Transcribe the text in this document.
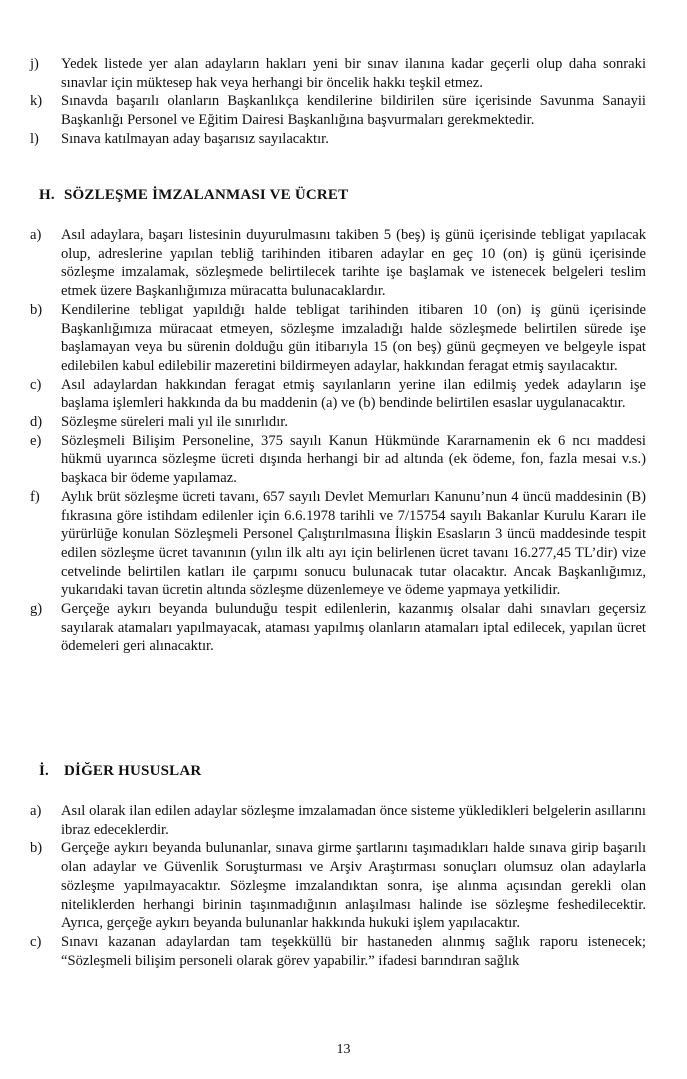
j) Yedek listede yer alan adayların hakları yeni bir sınav ilanına kadar geçerli olup daha sonraki sınavlar için müktesep hak veya herhangi bir öncelik hakkı teşkil etmez.
k) Sınavda başarılı olanların Başkanlıkça kendilerine bildirilen süre içerisinde Savunma Sanayii Başkanlığı Personel ve Eğitim Dairesi Başkanlığına başvurmaları gerekmektedir.
l) Sınava katılmayan aday başarısız sayılacaktır.
H. SÖZLEŞME İMZALANMASI VE ÜCRET
a) Asıl adaylara, başarı listesinin duyurulmasını takiben 5 (beş) iş günü içerisinde tebligat yapılacak olup, adreslerine yapılan tebliğ tarihinden itibaren adaylar en geç 10 (on) iş günü içerisinde sözleşme imzalamak, sözleşmede belirtilecek tarihte işe başlamak ve istenecek belgeleri teslim etmek üzere Başkanlığımıza müracatta bulunacaklardır.
b) Kendilerine tebligat yapıldığı halde tebligat tarihinden itibaren 10 (on) iş günü içerisinde Başkanlığımıza müracaat etmeyen, sözleşme imzaladığı halde sözleşmede belirtilen sürede işe başlamayan veya bu sürenin dolduğu gün itibarıyla 15 (on beş) günü geçmeyen ve belgeyle ispat edilebilen kabul edilebilir mazeretini bildirmeyen adaylar, hakkından feragat etmiş sayılacaktır.
c) Asıl adaylardan hakkından feragat etmiş sayılanların yerine ilan edilmiş yedek adayların işe başlama işlemleri hakkında da bu maddenin (a) ve (b) bendinde belirtilen esaslar uygulanacaktır.
d) Sözleşme süreleri mali yıl ile sınırlıdır.
e) Sözleşmeli Bilişim Personeline, 375 sayılı Kanun Hükmünde Kararnamenin ek 6 ncı maddesi hükmü uyarınca sözleşme ücreti dışında herhangi bir ad altında (ek ödeme, fon, fazla mesai v.s.) başkaca bir ödeme yapılamaz.
f) Aylık brüt sözleşme ücreti tavanı, 657 sayılı Devlet Memurları Kanunu’nun 4 üncü maddesinin (B) fıkrasına göre istihdam edilenler için 6.6.1978 tarihli ve 7/15754 sayılı Bakanlar Kurulu Kararı ile yürürlüğe konulan Sözleşmeli Personel Çalıştırılmasına İlişkin Esasların 3 üncü maddesinde tespit edilen sözleşme ücret tavanının (yılın ilk altı ayı için belirlenen ücret tavanı 16.277,45 TL’dir) vize cetvelinde belirtilen katları ile çarpımı sonucu bulunacak tutar olacaktır. Ancak Başkanlığımız, yukarıdaki tavan ücretin altında sözleşme düzenlemeye ve ödeme yapmaya yetkilidir.
g) Gerçeğe aykırı beyanda bulunduğu tespit edilenlerin, kazanmış olsalar dahi sınavları geçersiz sayılarak atamaları yapılmayacak, ataması yapılmış olanların atamaları iptal edilecek, yapılan ücret ödemeleri geri alınacaktır.
İ. DİĞER HUSUSLAR
a) Asıl olarak ilan edilen adaylar sözleşme imzalamadan önce sisteme yükledikleri belgelerin asıllarını ibraz edeceklerdir.
b) Gerçeğe aykırı beyanda bulunanlar, sınava girme şartlarını taşımadıkları halde sınava girip başarılı olan adaylar ve Güvenlik Soruşturması ve Arşiv Araştırması sonuçları olumsuz olan adaylarla sözleşme yapılmayacaktır. Sözleşme imzalandıktan sonra, işe alınma açısından gerekli olan niteliklerden herhangi birinin taşınmadığının anlaşılması halinde ise sözleşme feshedilecektir. Ayrıca, gerçeğe aykırı beyanda bulunanlar hakkında hukuki işlem yapılacaktır.
c) Sınavı kazanan adaylardan tam teşekküllü bir hastaneden alınmış sağlık raporu istenecek; “Sözleşmeli bilişim personeli olarak görev yapabilir.” ifadesi barındıran sağlık
13
